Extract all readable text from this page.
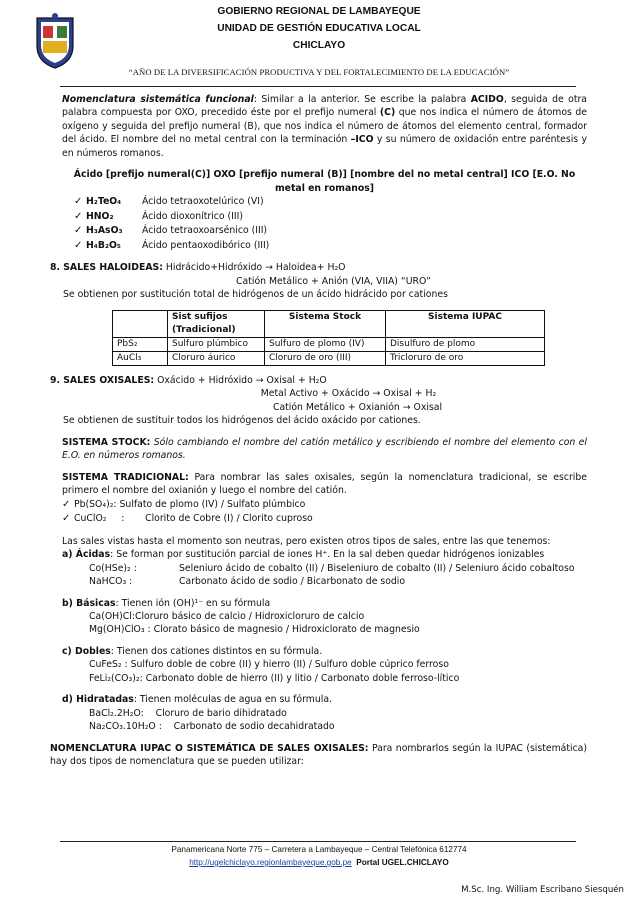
GOBIERNO REGIONAL DE LAMBAYEQUE
UNIDAD DE GESTIÓN EDUCATIVA LOCAL
CHICLAYO
“AÑO DE LA DIVERSIFICACIÓN PRODUCTIVA Y DEL FORTALECIMIENTO DE LA EDUCACIÓN”

Nomenclatura sistemática funcional: Similar a la anterior. Se escribe la palabra ACIDO, seguida de otra palabra compuesta por OXO, precedido éste por el prefijo numeral (C) que nos indica el número de átomos de oxígeno y seguida del prefijo numeral (B), que nos indica el número de átomos del elemento central, formador del ácido. El nombre del no metal central con la terminación –ICO y su número de oxidación entre paréntesis y en números romanos.

Ácido [prefijo numeral(C)] OXO [prefijo numeral (B)] [nombre del no metal central] ICO [E.O. No metal en romanos]

✓ H₂TeO₄	Ácido tetraoxotelúrico (VI)
✓ HNO₂	Ácido dioxonítrico (III)
✓ H₃AsO₃	Ácido tetraoxoarsénico (III)
✓ H₄B₂O₅	Ácido pentaoxodibórico (III)
8. SALES HALOIDEAS: Hidrácido+Hidróxido → Haloidea+ H₂O
Catión Metálico + Anión (VIA, VIIA) “URO”
Se obtienen por sustitución total de hidrógenos de un ácido hidrácido por cationes
	Sist sufijos (Tradicional)	Sistema Stock	Sistema IUPAC
PbS₂	Sulfuro plúmbico	Sulfuro de plomo (IV)	Disulfuro de plomo
AuCl₃	Cloruro áurico	Cloruro de oro (III)	Tricloruro de oro
9. SALES OXISALES: Oxácido + Hidróxido → Oxisal + H₂O
Metal Activo + Oxácido → Oxisal + H₂
Catión Metálico + Oxianión → Oxisal
Se obtienen de sustituir todos los hidrógenos del ácido oxácido por cationes.

SISTEMA STOCK: Sólo cambiando el nombre del catión metálico y escribiendo el nombre del elemento con el E.O. en números romanos.

SISTEMA TRADICIONAL: Para nombrar las sales oxisales, según la nomenclatura tradicional, se escribe primero el nombre del oxianión y luego el nombre del catión.

✓ Pb(SO₄)₂: Sulfato de plomo (IV) / Sulfato plúmbico
✓ CuClO₂     :       Clorito de Cobre (I) / Clorito cuproso
Las sales vistas hasta el momento son neutras, pero existen otros tipos de sales, entre las que tenemos:
a) Ácidas: Se forman por sustitución parcial de iones H⁺. En la sal deben quedar hidrógenos ionizables
Co(HSe)₂ :	Seleniuro ácido de cobalto (II) / Biseleniuro de cobalto (II) / Seleniuro ácido cobaltoso
NaHCO₃ :	Carbonato ácido de sodio / Bicarbonato de sodio
b) Básicas: Tienen ión (OH)¹⁻ en su fórmula
Ca(OH)Cl:Cloruro básico de calcio / Hidroxicloruro de calcio
Mg(OH)ClO₃ : Clorato básico de magnesio / Hidroxiclorato de magnesio
c) Dobles: Tienen dos cationes distintos en su fórmula.
CuFeS₂ : Sulfuro doble de cobre (II) y hierro (II) / Sulfuro doble cúprico ferroso
FeLi₂(CO₃)₂: Carbonato doble de hierro (II) y litio / Carbonato doble ferroso-lítico
d) Hidratadas: Tienen moléculas de agua en su fórmula.
BaCl₂.2H₂O:    Cloruro de bario dihidratado
Na₂CO₃.10H₂O :    Carbonato de sodio decahidratado

NOMENCLATURA IUPAC O SISTEMÁTICA DE SALES OXISALES: Para nombrarlos según la IUPAC (sistemática) hay dos tipos de nomenclatura que se pueden utilizar:

Panamericana Norte 775 – Carretera a Lambayeque – Central Telefónica 612774
http://ugelchiclayo.regionlambayeque.gob.pe Portal UGEL.CHICLAYO
M.Sc. Ing. William Escribano Siesquén
